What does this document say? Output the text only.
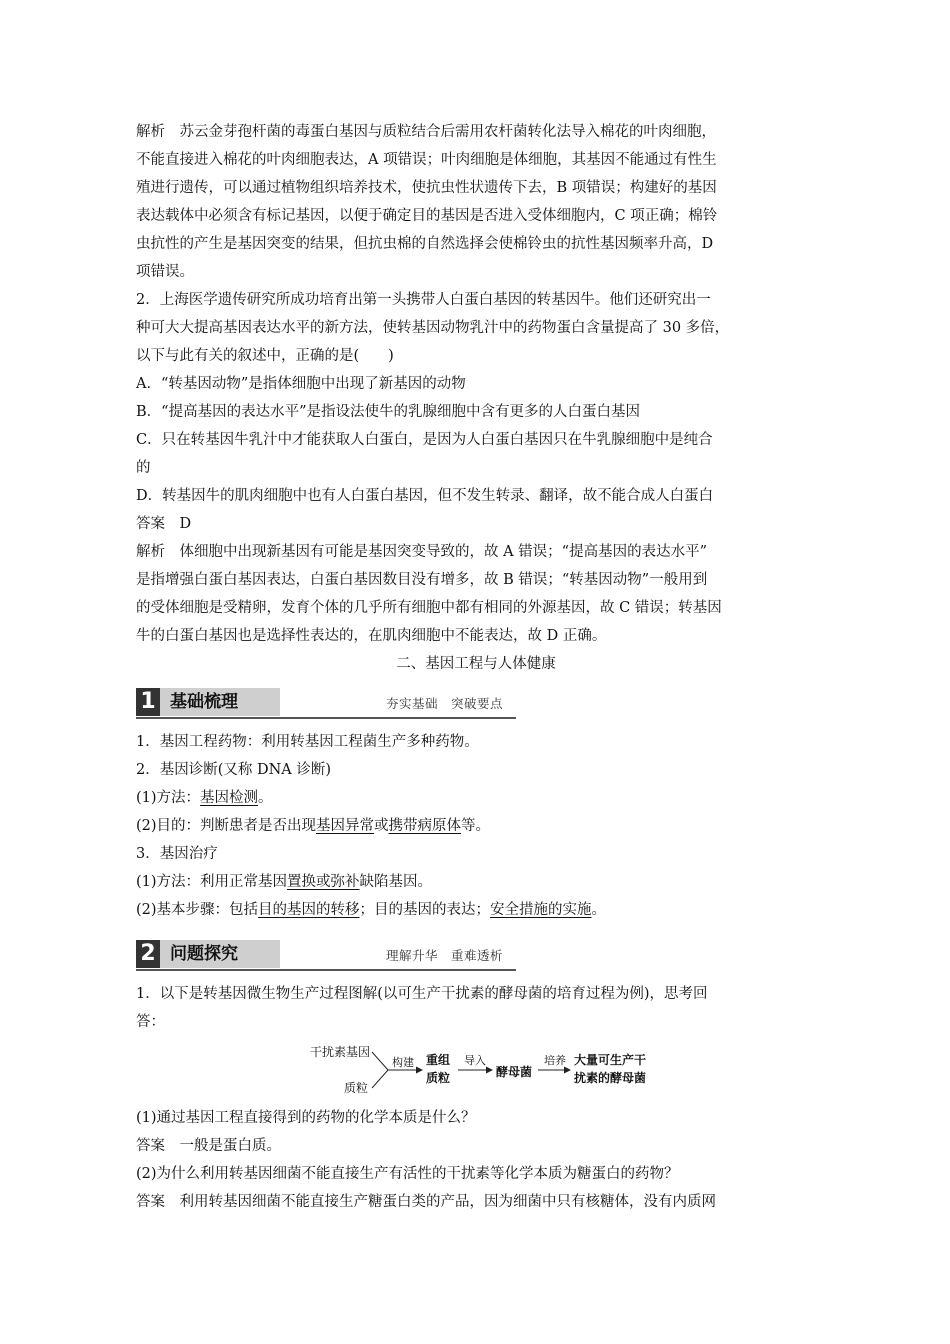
解析　苏云金芽孢杆菌的毒蛋白基因与质粒结合后需用农杆菌转化法导入棉花的叶肉细胞，
不能直接进入棉花的叶肉细胞表达，A 项错误；叶肉细胞是体细胞，其基因不能通过有性生
殖进行遗传，可以通过植物组织培养技术，使抗虫性状遗传下去，B 项错误；构建好的基因
表达载体中必须含有标记基因，以便于确定目的基因是否进入受体细胞内，C 项正确；棉铃
虫抗性的产生是基因突变的结果，但抗虫棉的自然选择会使棉铃虫的抗性基因频率升高，D
项错误。
2．上海医学遗传研究所成功培育出第一头携带人白蛋白基因的转基因牛。他们还研究出一
种可大大提高基因表达水平的新方法，使转基因动物乳汁中的药物蛋白含量提高了 30 多倍，
以下与此有关的叙述中，正确的是(　　)
A．“转基因动物”是指体细胞中出现了新基因的动物
B．“提高基因的表达水平”是指设法使牛的乳腺细胞中含有更多的人白蛋白基因
C．只在转基因牛乳汁中才能获取人白蛋白，是因为人白蛋白基因只在牛乳腺细胞中是纯合
的
D．转基因牛的肌肉细胞中也有人白蛋白基因，但不发生转录、翻译，故不能合成人白蛋白
答案　D
解析　体细胞中出现新基因有可能是基因突变导致的，故 A 错误；“提高基因的表达水平”
是指增强白蛋白基因表达，白蛋白基因数目没有增多，故 B 错误；“转基因动物”一般用到
的受体细胞是受精卵，发育个体的几乎所有细胞中都有相同的外源基因，故 C 错误；转基因
牛的白蛋白基因也是选择性表达的，在肌肉细胞中不能表达，故 D 正确。
二、基因工程与人体健康
1 基础梳理	夯实基础　突破要点
1．基因工程药物：利用转基因工程菌生产多种药物。
2．基因诊断(又称 DNA 诊断)
(1)方法：基因检测。
(2)目的：判断患者是否出现基因异常或携带病原体等。
3．基因治疗
(1)方法：利用正常基因置换或弥补缺陷基因。
(2)基本步骤：包括目的基因的转移；目的基因的表达；安全措施的实施。
2 问题探究	理解升华　重难透析
1．以下是转基因微生物生产过程图解(以可生产干扰素的酵母菌的培育过程为例)，思考回
答：
干扰素基因
质粒
构建 重组
质粒
导入
酵母菌
培养 大量可生产干
扰素的酵母菌
(1)通过基因工程直接得到的药物的化学本质是什么？
答案　一般是蛋白质。
(2)为什么利用转基因细菌不能直接生产有活性的干扰素等化学本质为糖蛋白的药物？
答案　利用转基因细菌不能直接生产糖蛋白类的产品，因为细菌中只有核糖体，没有内质网
